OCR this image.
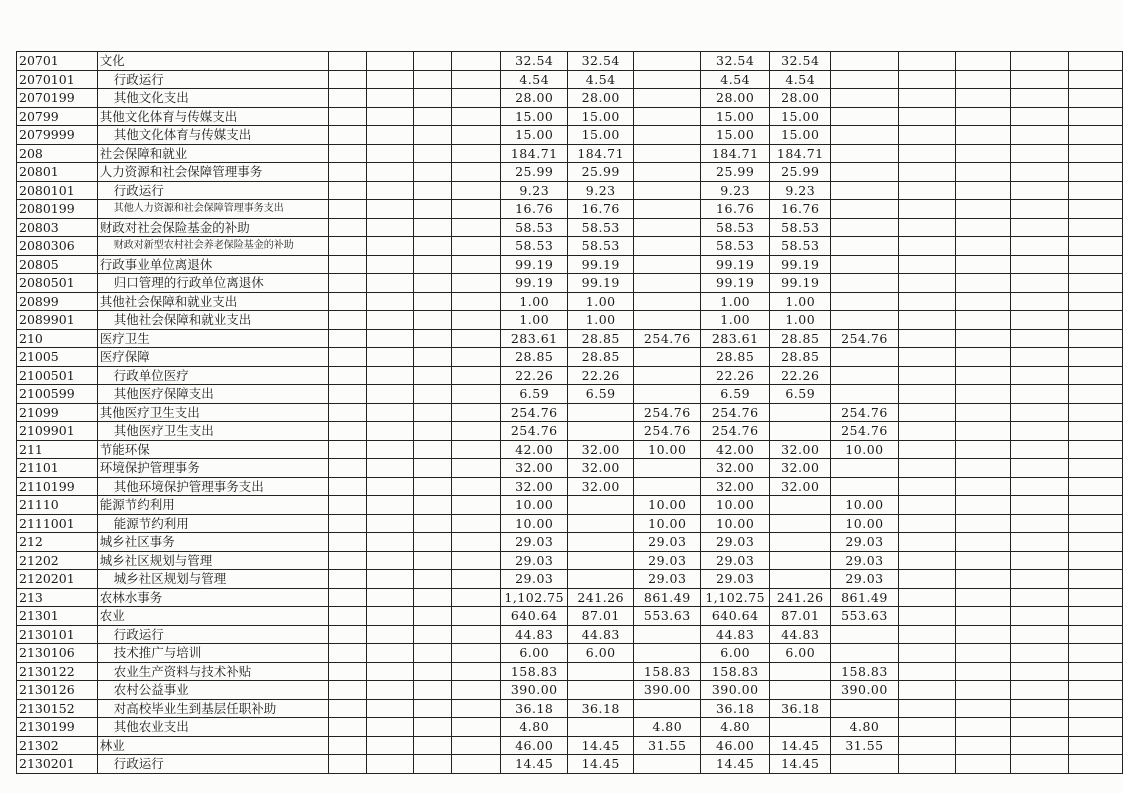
20701	文化					32.54	32.54		32.54	32.54					
2070101	行政运行					4.54	4.54		4.54	4.54					
2070199	其他文化支出					28.00	28.00		28.00	28.00					
20799	其他文化体育与传媒支出					15.00	15.00		15.00	15.00					
2079999	其他文化体育与传媒支出					15.00	15.00		15.00	15.00					
208	社会保障和就业					184.71	184.71		184.71	184.71					
20801	人力资源和社会保障管理事务					25.99	25.99		25.99	25.99					
2080101	行政运行					9.23	9.23		9.23	9.23					
2080199	其他人力资源和社会保障管理事务支出					16.76	16.76		16.76	16.76					
20803	财政对社会保险基金的补助					58.53	58.53		58.53	58.53					
2080306	财政对新型农村社会养老保险基金的补助					58.53	58.53		58.53	58.53					
20805	行政事业单位离退休					99.19	99.19		99.19	99.19					
2080501	归口管理的行政单位离退休					99.19	99.19		99.19	99.19					
20899	其他社会保障和就业支出					1.00	1.00		1.00	1.00					
2089901	其他社会保障和就业支出					1.00	1.00		1.00	1.00					
210	医疗卫生					283.61	28.85	254.76	283.61	28.85	254.76				
21005	医疗保障					28.85	28.85		28.85	28.85					
2100501	行政单位医疗					22.26	22.26		22.26	22.26					
2100599	其他医疗保障支出					6.59	6.59		6.59	6.59					
21099	其他医疗卫生支出					254.76		254.76	254.76		254.76				
2109901	其他医疗卫生支出					254.76		254.76	254.76		254.76				
211	节能环保					42.00	32.00	10.00	42.00	32.00	10.00				
21101	环境保护管理事务					32.00	32.00		32.00	32.00					
2110199	其他环境保护管理事务支出					32.00	32.00		32.00	32.00					
21110	能源节约利用					10.00		10.00	10.00		10.00				
2111001	能源节约利用					10.00		10.00	10.00		10.00				
212	城乡社区事务					29.03		29.03	29.03		29.03				
21202	城乡社区规划与管理					29.03		29.03	29.03		29.03				
2120201	城乡社区规划与管理					29.03		29.03	29.03		29.03				
213	农林水事务					1,102.75	241.26	861.49	1,102.75	241.26	861.49				
21301	农业					640.64	87.01	553.63	640.64	87.01	553.63				
2130101	行政运行					44.83	44.83		44.83	44.83					
2130106	技术推广与培训					6.00	6.00		6.00	6.00					
2130122	农业生产资料与技术补贴					158.83		158.83	158.83		158.83				
2130126	农村公益事业					390.00		390.00	390.00		390.00				
2130152	对高校毕业生到基层任职补助					36.18	36.18		36.18	36.18					
2130199	其他农业支出					4.80		4.80	4.80		4.80				
21302	林业					46.00	14.45	31.55	46.00	14.45	31.55				
2130201	行政运行					14.45	14.45		14.45	14.45					
